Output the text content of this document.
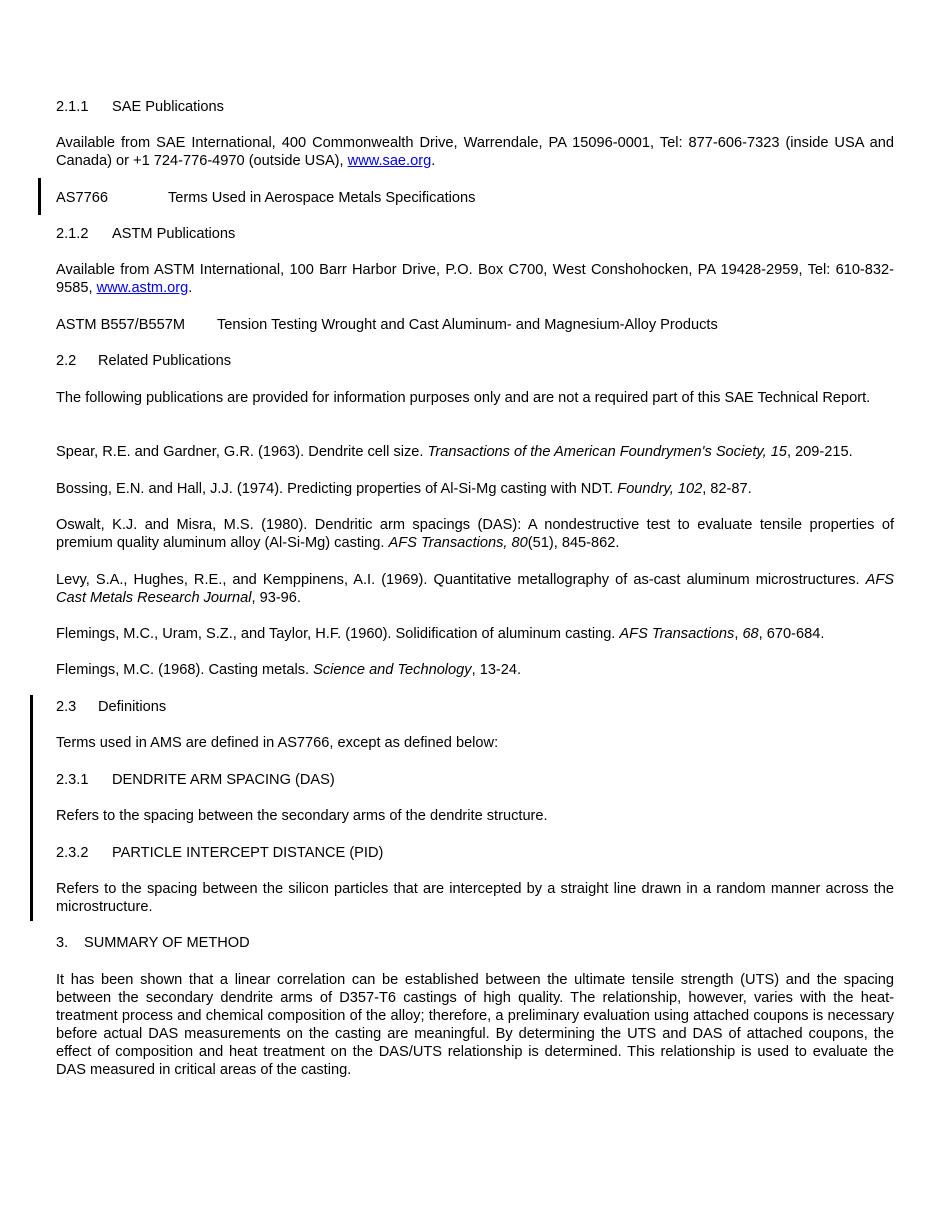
2.1.1 SAE Publications

Available from SAE International, 400 Commonwealth Drive, Warrendale, PA 15096-0001, Tel: 877-606-7323 (inside USA and Canada) or +1 724-776-4970 (outside USA), www.sae.org.

AS7766	Terms Used in Aerospace Metals Specifications

2.1.2 ASTM Publications

Available from ASTM International, 100 Barr Harbor Drive, P.O. Box C700, West Conshohocken, PA 19428-2959, Tel: 610-832-9585, www.astm.org.

ASTM B557/B557M Tension Testing Wrought and Cast Aluminum- and Magnesium-Alloy Products

2.2 Related Publications

The following publications are provided for information purposes only and are not a required part of this SAE Technical Report.

Spear, R.E. and Gardner, G.R. (1963). Dendrite cell size. Transactions of the American Foundrymen's Society, 15, 209-215.

Bossing, E.N. and Hall, J.J. (1974). Predicting properties of Al-Si-Mg casting with NDT. Foundry, 102, 82-87.

Oswalt, K.J. and Misra, M.S. (1980). Dendritic arm spacings (DAS): A nondestructive test to evaluate tensile properties of premium quality aluminum alloy (Al-Si-Mg) casting. AFS Transactions, 80(51), 845-862.

Levy, S.A., Hughes, R.E., and Kemppinens, A.I. (1969). Quantitative metallography of as-cast aluminum microstructures. AFS Cast Metals Research Journal, 93-96.

Flemings, M.C., Uram, S.Z., and Taylor, H.F. (1960). Solidification of aluminum casting. AFS Transactions, 68, 670-684.

Flemings, M.C. (1968). Casting metals. Science and Technology, 13-24.

2.3 Definitions

Terms used in AMS are defined in AS7766, except as defined below:

2.3.1 DENDRITE ARM SPACING (DAS)

Refers to the spacing between the secondary arms of the dendrite structure.

2.3.2 PARTICLE INTERCEPT DISTANCE (PID)

Refers to the spacing between the silicon particles that are intercepted by a straight line drawn in a random manner across the microstructure.

3. SUMMARY OF METHOD

It has been shown that a linear correlation can be established between the ultimate tensile strength (UTS) and the spacing between the secondary dendrite arms of D357-T6 castings of high quality. The relationship, however, varies with the heat-treatment process and chemical composition of the alloy; therefore, a preliminary evaluation using attached coupons is necessary before actual DAS measurements on the casting are meaningful. By determining the UTS and DAS of attached coupons, the effect of composition and heat treatment on the DAS/UTS relationship is determined. This relationship is used to evaluate the DAS measured in critical areas of the casting.
